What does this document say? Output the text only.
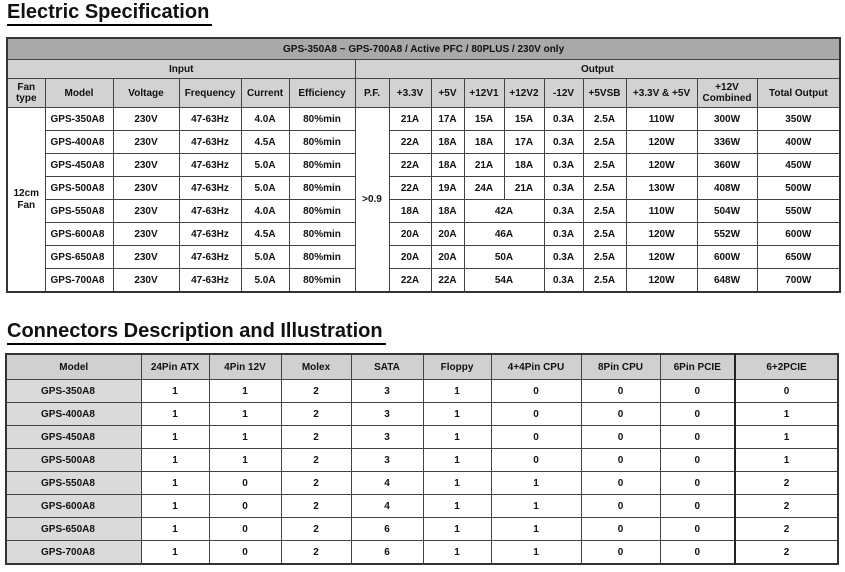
Electric Specification
GPS-350A8 ~ GPS-700A8 / Active PFC / 80PLUS / 230V only															
Input						Output									
Fan type	Model	Voltage	Frequency	Current	Efficiency	P.F.	+3.3V	+5V	+12V1	+12V2	-12V	+5VSB	+3.3V & +5V	+12V Combined	Total Output
12cm Fan	GPS-350A8	230V	47-63Hz	4.0A	80%min	>0.9	21A	17A	15A	15A	0.3A	2.5A	110W	300W	350W
	GPS-400A8	230V	47-63Hz	4.5A	80%min		22A	18A	18A	17A	0.3A	2.5A	120W	336W	400W
	GPS-450A8	230V	47-63Hz	5.0A	80%min		22A	18A	21A	18A	0.3A	2.5A	120W	360W	450W
	GPS-500A8	230V	47-63Hz	5.0A	80%min		22A	19A	24A	21A	0.3A	2.5A	130W	408W	500W
	GPS-550A8	230V	47-63Hz	4.0A	80%min		18A	18A	42A		0.3A	2.5A	110W	504W	550W
	GPS-600A8	230V	47-63Hz	4.5A	80%min		20A	20A	46A		0.3A	2.5A	120W	552W	600W
	GPS-650A8	230V	47-63Hz	5.0A	80%min		20A	20A	50A		0.3A	2.5A	120W	600W	650W
	GPS-700A8	230V	47-63Hz	5.0A	80%min		22A	22A	54A		0.3A	2.5A	120W	648W	700W
Connectors Description and Illustration
Model	24Pin ATX	4Pin 12V	Molex	SATA	Floppy	4+4Pin CPU	8Pin CPU	6Pin PCIE	6+2PCIE
GPS-350A8	1	1	2	3	1	0	0	0	0
GPS-400A8	1	1	2	3	1	0	0	0	1
GPS-450A8	1	1	2	3	1	0	0	0	1
GPS-500A8	1	1	2	3	1	0	0	0	1
GPS-550A8	1	0	2	4	1	1	0	0	2
GPS-600A8	1	0	2	4	1	1	0	0	2
GPS-650A8	1	0	2	6	1	1	0	0	2
GPS-700A8	1	0	2	6	1	1	0	0	2
